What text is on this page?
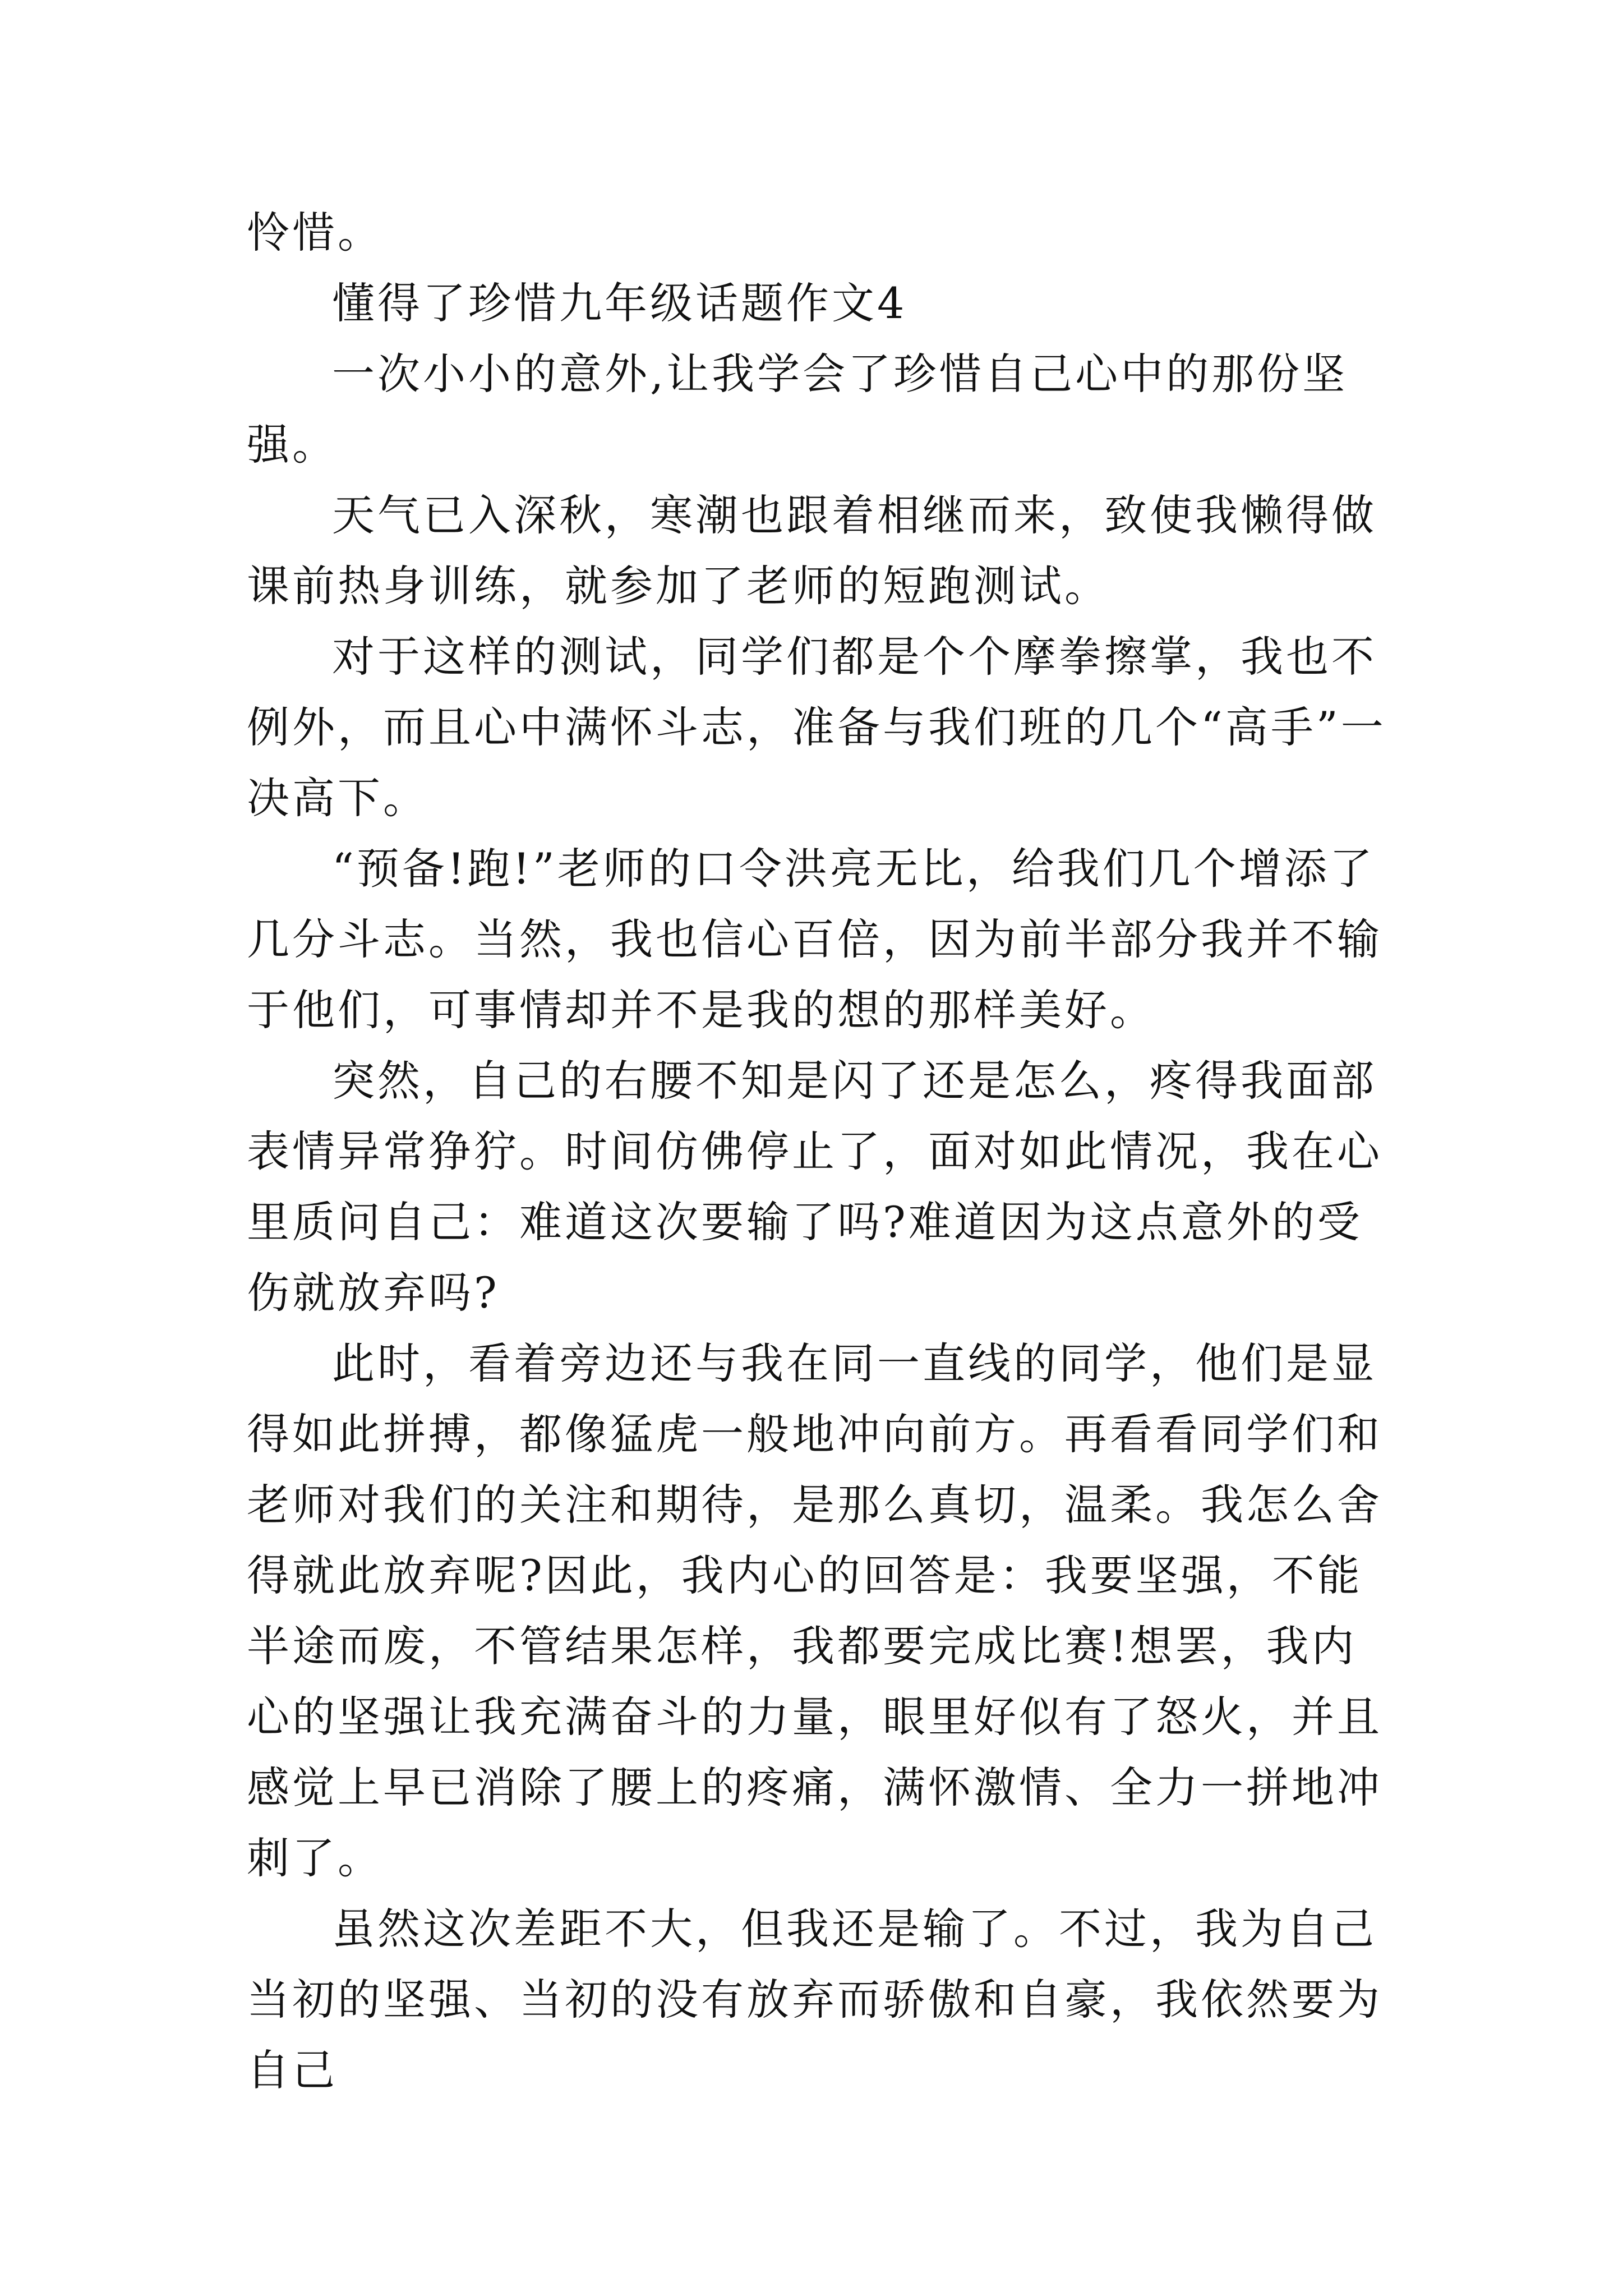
怜惜。

懂得了珍惜九年级话题作文4

一次小小的意外,让我学会了珍惜自己心中的那份坚强。

天气已入深秋，寒潮也跟着相继而来，致使我懒得做课前热身训练，就参加了老师的短跑测试。

对于这样的测试，同学们都是个个摩拳擦掌，我也不例外，而且心中满怀斗志，准备与我们班的几个“高手”一决高下。

“预备!跑!”老师的口令洪亮无比，给我们几个增添了几分斗志。当然，我也信心百倍，因为前半部分我并不输于他们，可事情却并不是我的想的那样美好。

突然，自己的右腰不知是闪了还是怎么，疼得我面部表情异常狰狞。时间仿佛停止了，面对如此情况，我在心里质问自己：难道这次要输了吗?难道因为这点意外的受伤就放弃吗?

此时，看着旁边还与我在同一直线的同学，他们是显得如此拼搏，都像猛虎一般地冲向前方。再看看同学们和老师对我们的关注和期待，是那么真切，温柔。我怎么舍得就此放弃呢?因此，我内心的回答是：我要坚强，不能半途而废，不管结果怎样，我都要完成比赛!想罢，我内心的坚强让我充满奋斗的力量，眼里好似有了怒火，并且感觉上早已消除了腰上的疼痛，满怀激情、全力一拼地冲刺了。

虽然这次差距不大，但我还是输了。不过，我为自己当初的坚强、当初的没有放弃而骄傲和自豪，我依然要为自己
